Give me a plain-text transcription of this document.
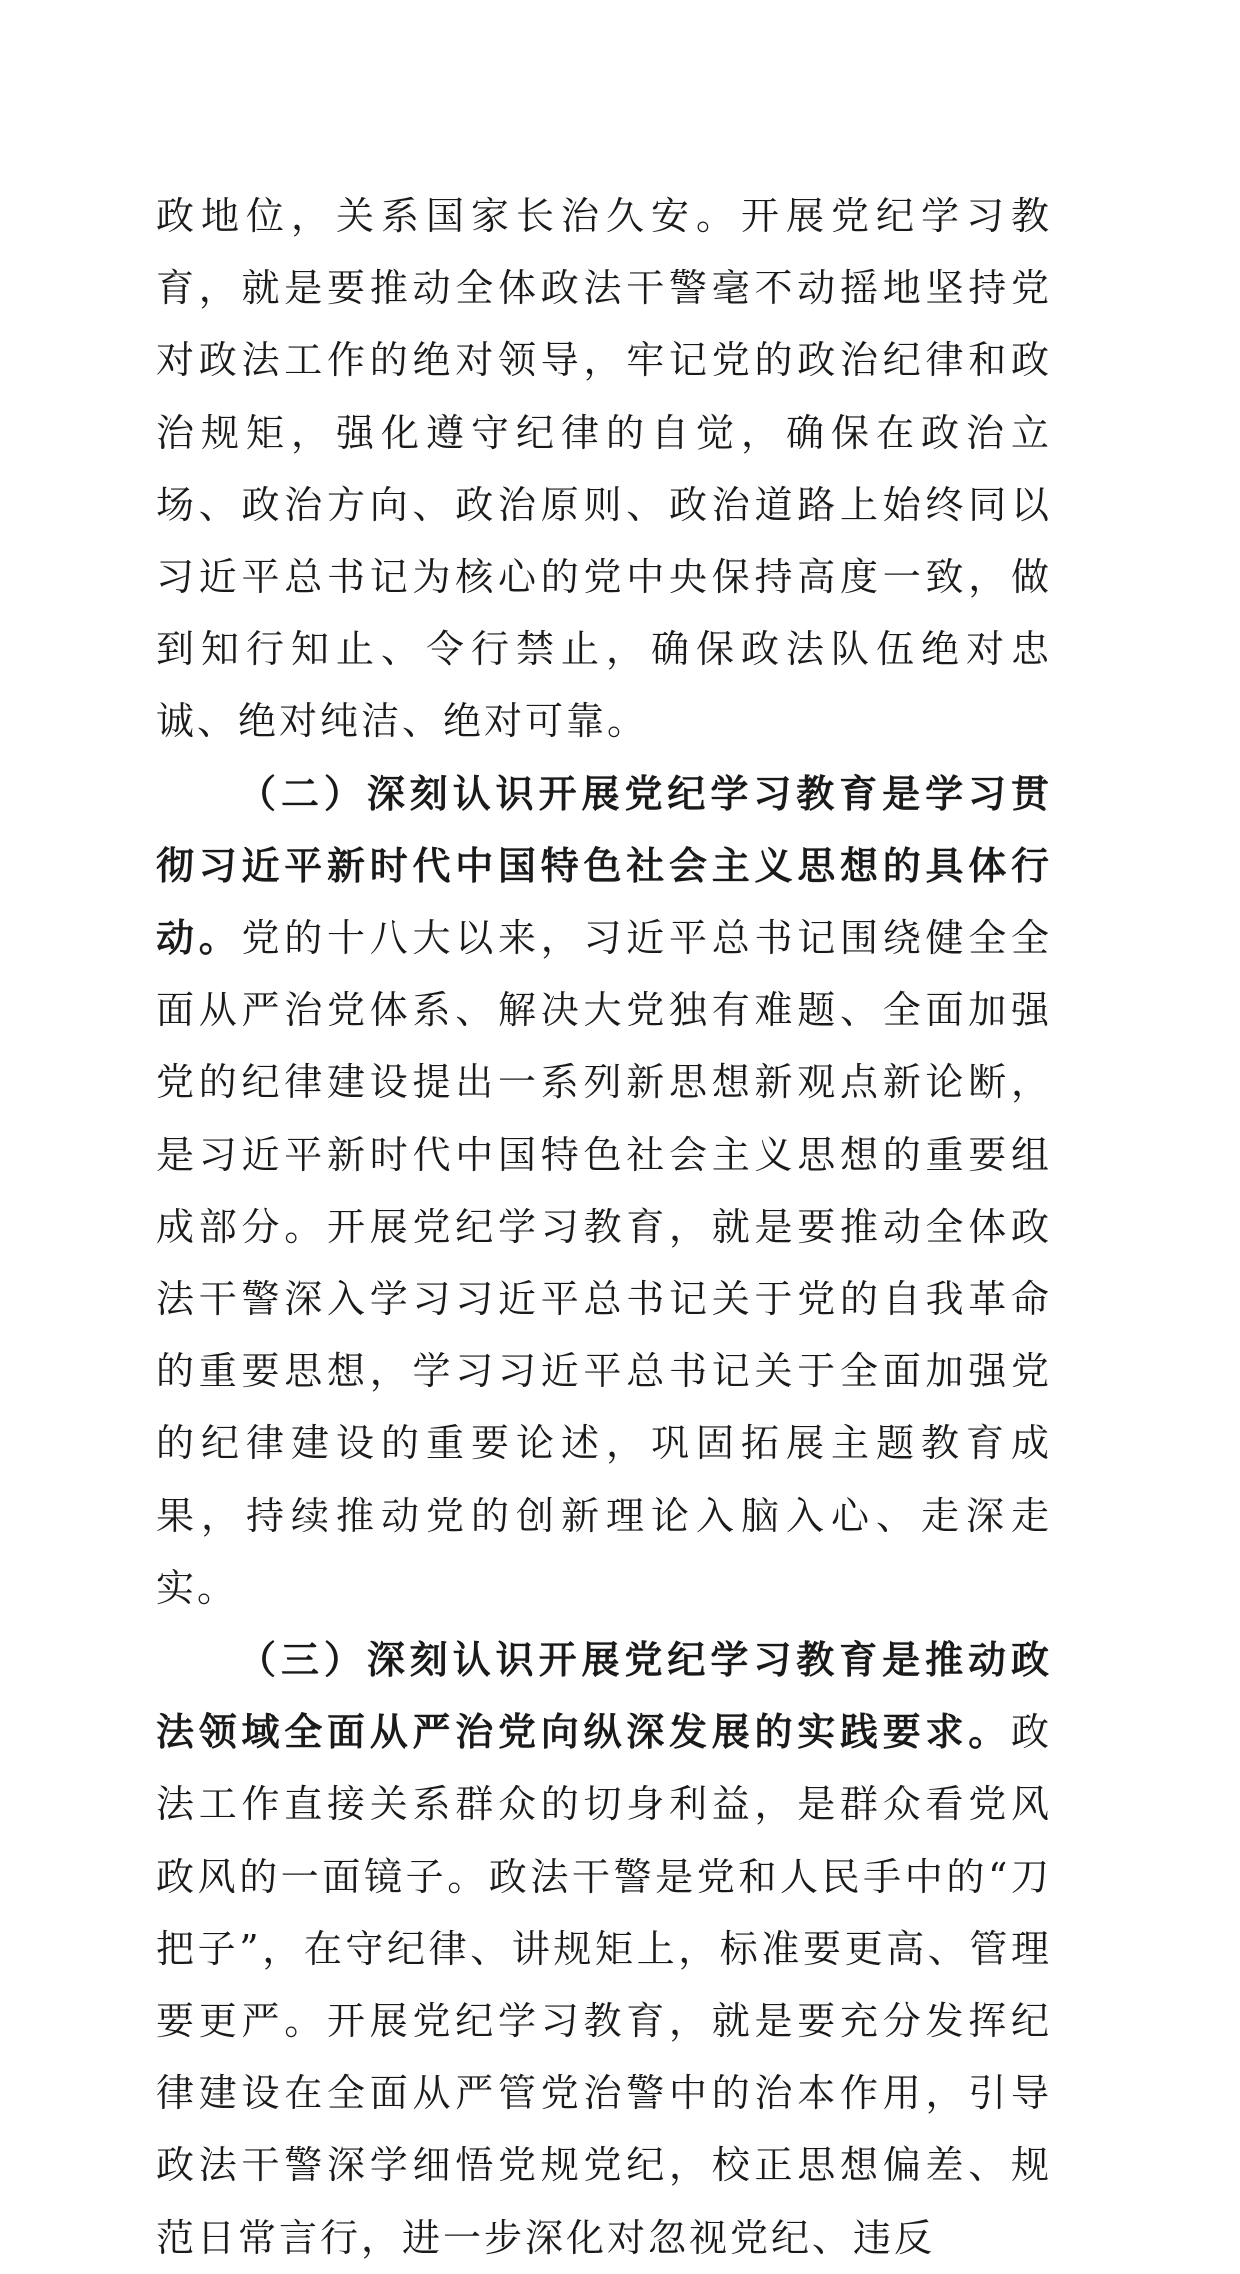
政地位，关系国家长治久安。开展党纪学习教育，就是要推动全体政法干警毫不动摇地坚持党对政法工作的绝对领导，牢记党的政治纪律和政治规矩，强化遵守纪律的自觉，确保在政治立场、政治方向、政治原则、政治道路上始终同以习近平总书记为核心的党中央保持高度一致，做到知行知止、令行禁止，确保政法队伍绝对忠诚、绝对纯洁、绝对可靠。

（二）深刻认识开展党纪学习教育是学习贯彻习近平新时代中国特色社会主义思想的具体行动。党的十八大以来，习近平总书记围绕健全全面从严治党体系、解决大党独有难题、全面加强党的纪律建设提出一系列新思想新观点新论断，是习近平新时代中国特色社会主义思想的重要组成部分。开展党纪学习教育，就是要推动全体政法干警深入学习习近平总书记关于党的自我革命的重要思想，学习习近平总书记关于全面加强党的纪律建设的重要论述，巩固拓展主题教育成果，持续推动党的创新理论入脑入心、走深走实。

（三）深刻认识开展党纪学习教育是推动政法领域全面从严治党向纵深发展的实践要求。政法工作直接关系群众的切身利益，是群众看党风政风的一面镜子。政法干警是党和人民手中的“刀把子”，在守纪律、讲规矩上，标准要更高、管理要更严。开展党纪学习教育，就是要充分发挥纪律建设在全面从严管党治警中的治本作用，引导政法干警深学细悟党规党纪，校正思想偏差、规范日常言行，进一步深化对忽视党纪、违反
